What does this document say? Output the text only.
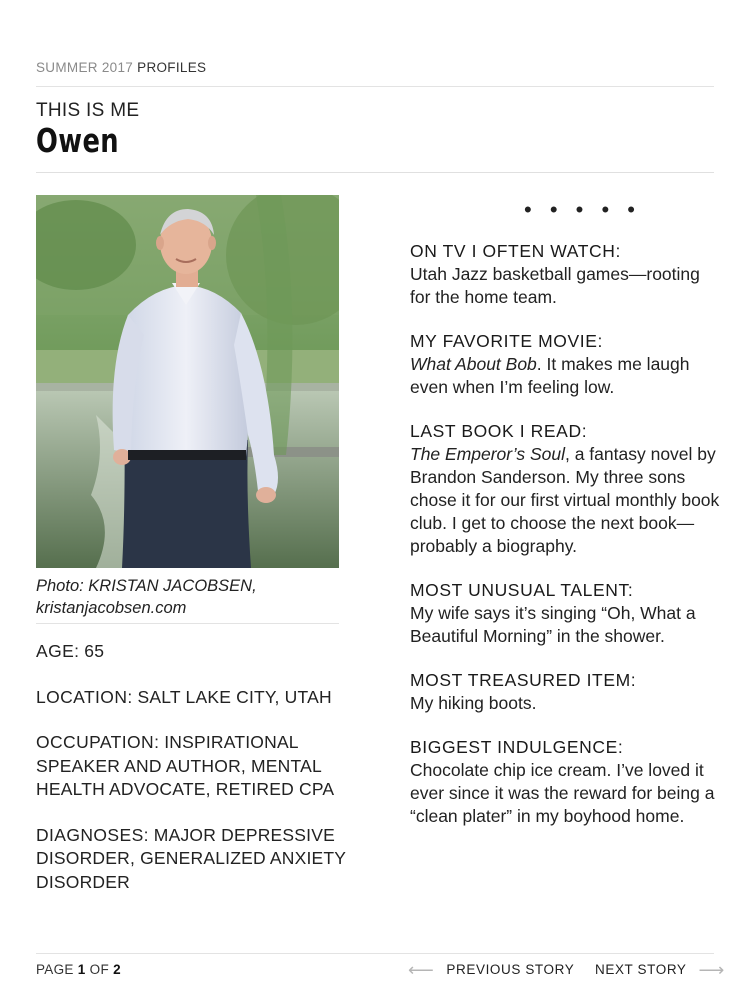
SUMMER 2017 PROFILES
THIS IS ME
Owen
Photo: KRISTAN JACOBSEN,
kristanjacobsen.com
AGE: 65
LOCATION: SALT LAKE CITY, UTAH
OCCUPATION: INSPIRATIONAL SPEAKER AND AUTHOR, MENTAL HEALTH ADVOCATE, RETIRED CPA
DIAGNOSES: MAJOR DEPRESSIVE DISORDER, GENERALIZED ANXIETY DISORDER
• • • • •
ON TV I OFTEN WATCH:
Utah Jazz basketball games—rooting for the home team.
MY FAVORITE MOVIE:
What About Bob. It makes me laugh even when I’m feeling low.
LAST BOOK I READ:
The Emperor’s Soul, a fantasy novel by Brandon Sanderson. My three sons chose it for our first virtual monthly book club. I get to choose the next book—probably a biography.
MOST UNUSUAL TALENT:
My wife says it’s singing “Oh, What a Beautiful Morning” in the shower.
MOST TREASURED ITEM:
My hiking boots.
BIGGEST INDULGENCE:
Chocolate chip ice cream. I’ve loved it ever since it was the reward for being a “clean plater” in my boyhood home.
PAGE 1 OF 2	⟵ PREVIOUS STORY NEXT STORY ⟶
